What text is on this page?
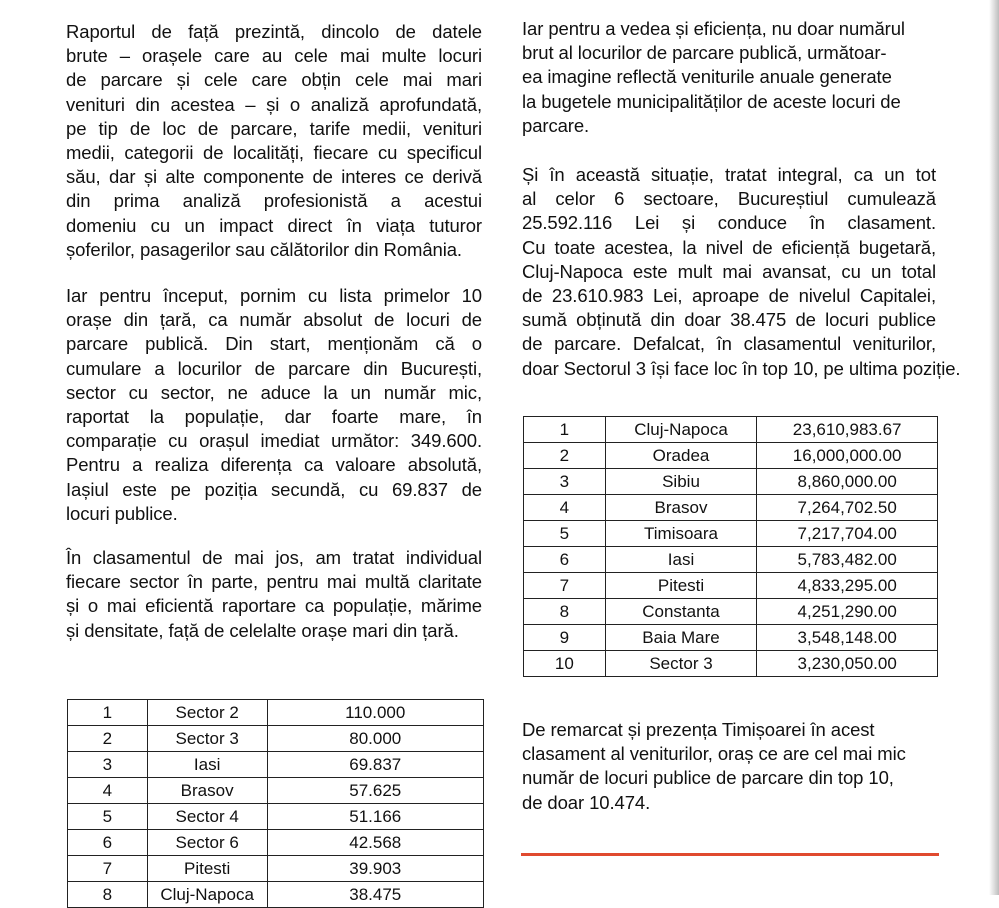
Raportul de față prezintă, dincolo de datele
brute – orașele care au cele mai multe locuri
de parcare și cele care obțin cele mai mari
venituri din acestea – și o analiză aprofundată,
pe tip de loc de parcare, tarife medii, venituri
medii, categorii de localități, fiecare cu specificul
său, dar și alte componente de interes ce derivă
din prima analiză profesionistă a acestui
domeniu cu un impact direct în viața tuturor
șoferilor, pasagerilor sau călătorilor din România.
Iar pentru început, pornim cu lista primelor 10
orașe din țară, ca număr absolut de locuri de
parcare publică. Din start, menționăm că o
cumulare a locurilor de parcare din București,
sector cu sector, ne aduce la un număr mic,
raportat la populație, dar foarte mare, în
comparație cu orașul imediat următor: 349.600.
Pentru a realiza diferența ca valoare absolută,
Iașiul este pe poziția secundă, cu 69.837 de
locuri publice.
În clasamentul de mai jos, am tratat individual
fiecare sector în parte, pentru mai multă claritate
și o mai eficientă raportare ca populație, mărime
și densitate, față de celelalte orașe mari din țară.
1	Sector 2	110.000
2	Sector 3	80.000
3	Iasi	69.837
4	Brasov	57.625
5	Sector 4	51.166
6	Sector 6	42.568
7	Pitesti	39.903
8	Cluj-Napoca	38.475
Iar pentru a vedea și eficiența, nu doar numărul
brut al locurilor de parcare publică, următoar-
ea imagine reflectă veniturile anuale generate
la bugetele municipalităților de aceste locuri de
parcare.
Și în această situație, tratat integral, ca un tot
al celor 6 sectoare, Bucureștiul cumulează
25.592.116 Lei și conduce în clasament.
Cu toate acestea, la nivel de eficiență bugetară,
Cluj-Napoca este mult mai avansat, cu un total
de 23.610.983 Lei, aproape de nivelul Capitalei,
sumă obținută din doar 38.475 de locuri publice
de parcare. Defalcat, în clasamentul veniturilor,
doar Sectorul 3 își face loc în top 10, pe ultima poziție.
1	Cluj-Napoca	23,610,983.67
2	Oradea	16,000,000.00
3	Sibiu	8,860,000.00
4	Brasov	7,264,702.50
5	Timisoara	7,217,704.00
6	Iasi	5,783,482.00
7	Pitesti	4,833,295.00
8	Constanta	4,251,290.00
9	Baia Mare	3,548,148.00
10	Sector 3	3,230,050.00
De remarcat și prezența Timișoarei în acest
clasament al veniturilor, oraș ce are cel mai mic
număr de locuri publice de parcare din top 10,
de doar 10.474.
